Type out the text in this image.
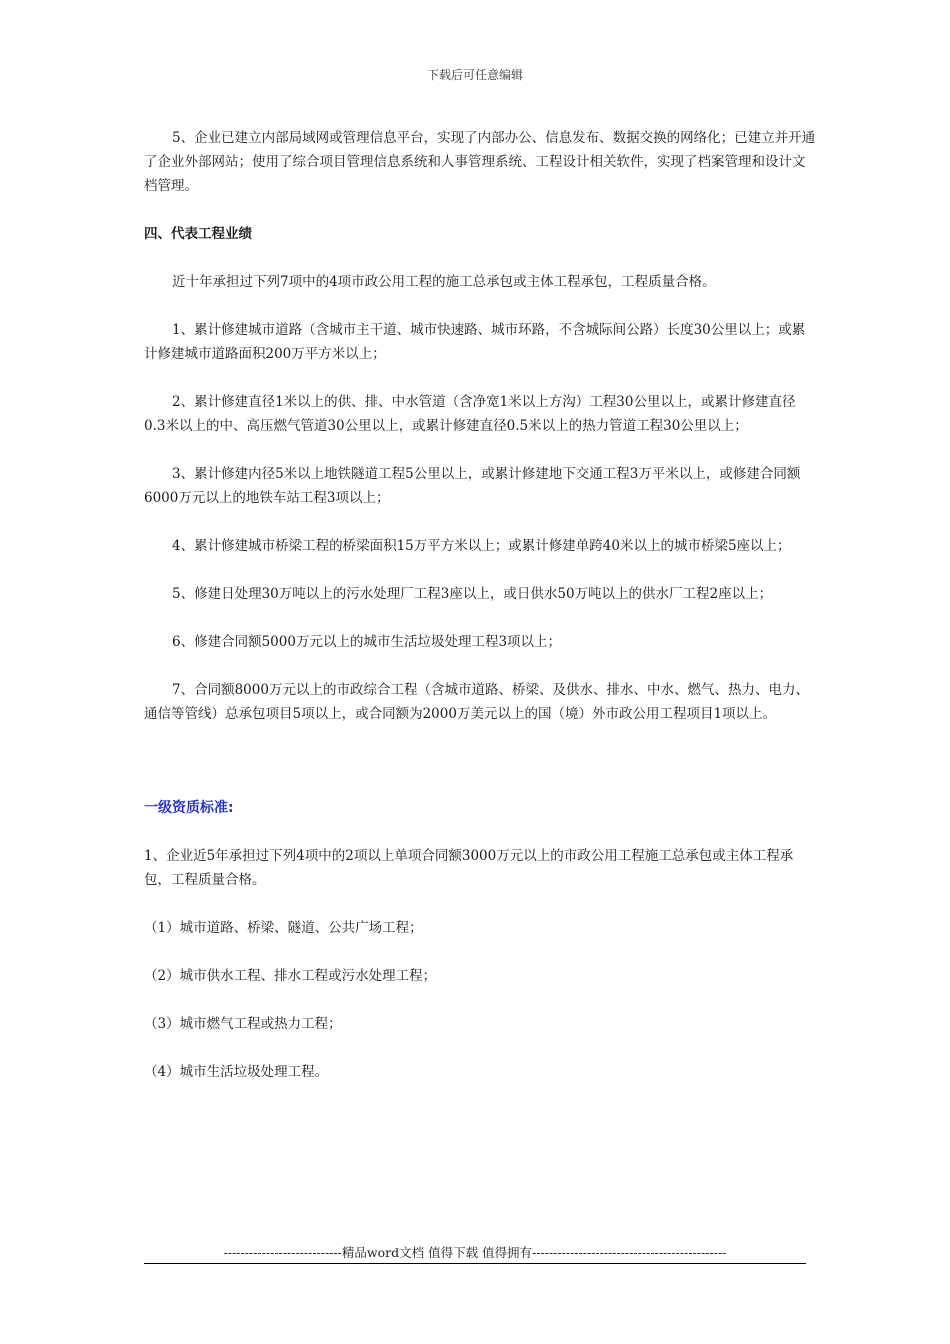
下载后可任意编辑

5、企业已建立内部局域网或管理信息平台，实现了内部办公、信息发布、数据交换的网络化；已建立并开通了企业外部网站；使用了综合项目管理信息系统和人事管理系统、工程设计相关软件，实现了档案管理和设计文档管理。

四、代表工程业绩

近十年承担过下列7项中的4项市政公用工程的施工总承包或主体工程承包，工程质量合格。

1、累计修建城市道路（含城市主干道、城市快速路、城市环路，不含城际间公路）长度30公里以上；或累计修建城市道路面积200万平方米以上；

2、累计修建直径1米以上的供、排、中水管道（含净宽1米以上方沟）工程30公里以上，或累计修建直径0.3米以上的中、高压燃气管道30公里以上，或累计修建直径0.5米以上的热力管道工程30公里以上；

3、累计修建内径5米以上地铁隧道工程5公里以上，或累计修建地下交通工程3万平米以上，或修建合同额6000万元以上的地铁车站工程3项以上；

4、累计修建城市桥梁工程的桥梁面积15万平方米以上；或累计修建单跨40米以上的城市桥梁5座以上；

5、修建日处理30万吨以上的污水处理厂工程3座以上，或日供水50万吨以上的供水厂工程2座以上；

6、修建合同额5000万元以上的城市生活垃圾处理工程3项以上；

7、合同额8000万元以上的市政综合工程（含城市道路、桥梁、及供水、排水、中水、燃气、热力、电力、通信等管线）总承包项目5项以上，或合同额为2000万美元以上的国（境）外市政公用工程项目1项以上。

一级资质标准:

1、企业近5年承担过下列4项中的2项以上单项合同额3000万元以上的市政公用工程施工总承包或主体工程承包，工程质量合格。

（1）城市道路、桥梁、隧道、公共广场工程；

（2）城市供水工程、排水工程或污水处理工程；

（3）城市燃气工程或热力工程；

（4）城市生活垃圾处理工程。

----------------------------精品word文档 值得下载 值得拥有----------------------------------------------
